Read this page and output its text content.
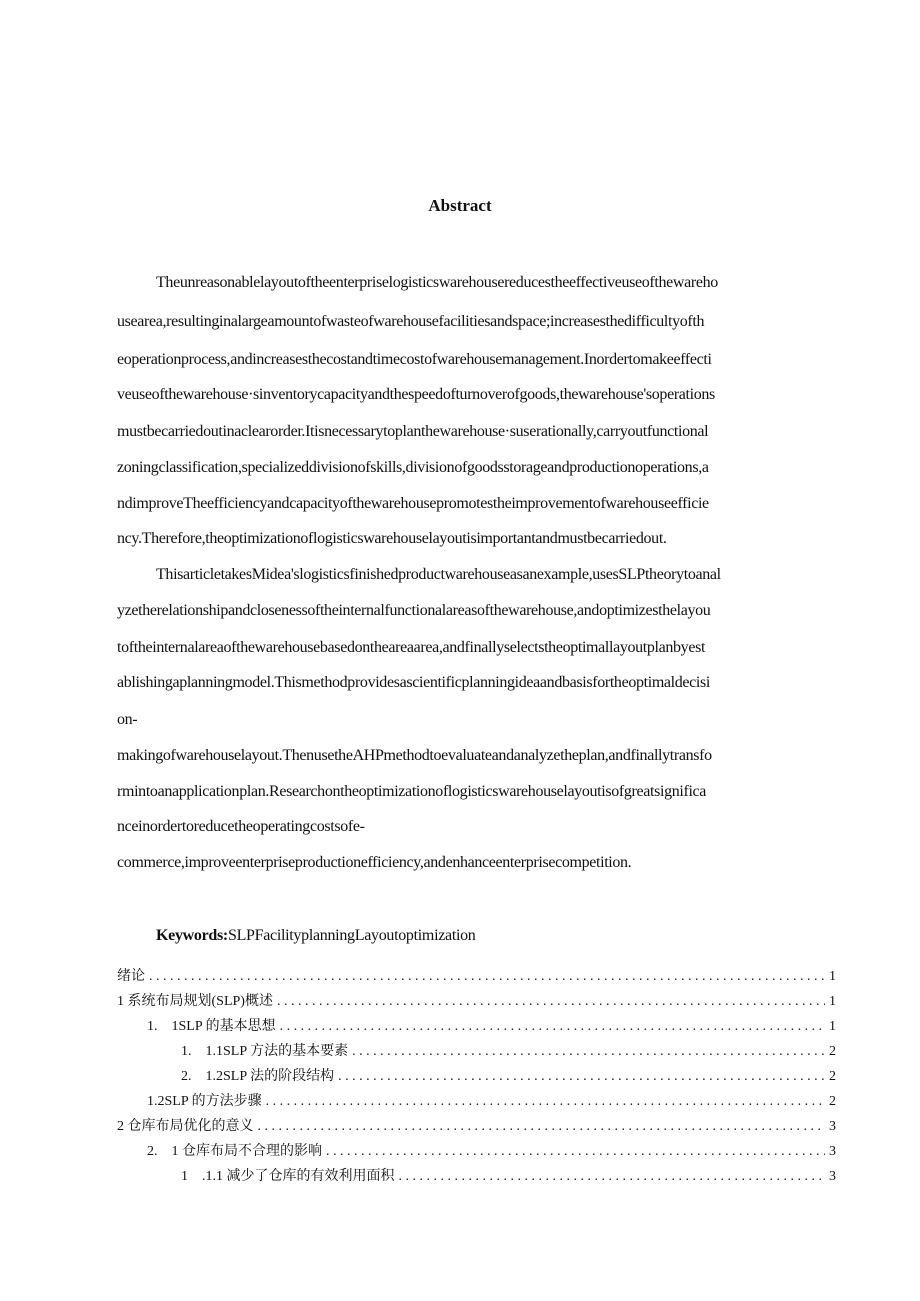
Abstract
Theunreasonablelayoutoftheenterpriselogisticswarehousereducestheeffectiveuseofthewareho
usearea,resultinginalargeamountofwasteofwarehousefacilitiesandspace;increasesthedifficultyofth
eoperationprocess,andincreasesthecostandtimecostofwarehousemanagement.Inordertomakeeffecti
veuseofthewarehouse·sinventorycapacityandthespeedofturnoverofgoods,thewarehouse'soperations
mustbecarriedoutinaclearorder.Itisnecessarytoplanthewarehouse·suserationally,carryoutfunctional
zoningclassification,specializeddivisionofskills,divisionofgoodsstorageandproductionoperations,a
ndimproveTheefficiencyandcapacityofthewarehousepromotestheimprovementofwarehouseefficie
ncy.Therefore,theoptimizationoflogisticswarehouselayoutisimportantandmustbecarriedout.
ThisarticletakesMidea'slogisticsfinishedproductwarehouseasanexample,usesSLPtheorytoanal
yzetherelationshipandclosenessoftheinternalfunctionalareasofthewarehouse,andoptimizesthelayou
toftheinternalareaofthewarehousebasedontheareaarea,andfinallyselectstheoptimallayoutplanbyest
ablishingaplanningmodel.Thismethodprovidesascientificplanningideaandbasisfortheoptimaldecisi
on-
makingofwarehouselayout.ThenusetheAHPmethodtoevaluateandanalyzetheplan,andfinallytransfo
rmintoanapplicationplan.Researchontheoptimizationoflogisticswarehouselayoutisofgreatsignifica
nceinordertoreducetheoperatingcostsofe-
commerce,improveenterpriseproductionefficiency,andenhanceenterprisecompetition.
Keywords:SLPFacilityplanningLayoutoptimization
绪论 . . .	1
1 系统布局规划(SLP)概述 . . .	1
1.　1SLP 的基本思想 . . .	1
1.　1.1SLP 方法的基本要素 . . .	2
2.　1.2SLP 法的阶段结构 . . .	2
1.2SLP 的方法步骤 . . .	2
2 仓库布局优化的意义 . . .	3
2.　1 仓库布局不合理的影响 . . .	3
1　.1.1 减少了仓库的有效利用面积 . . .	3
